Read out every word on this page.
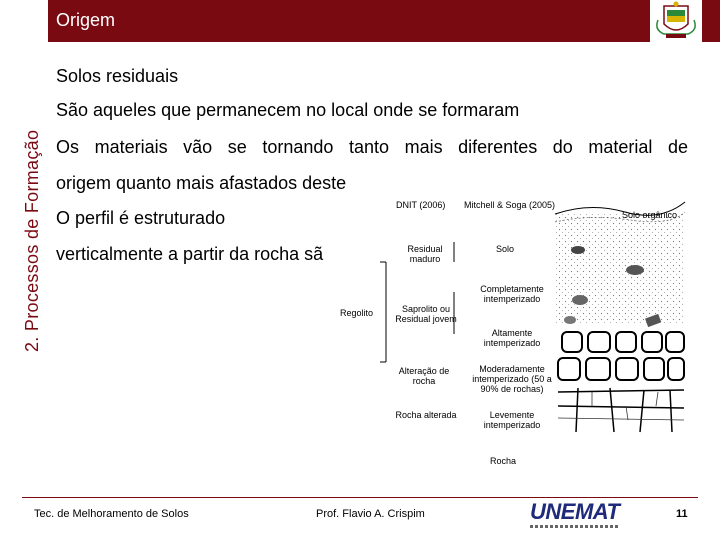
Origem
2. Processos de Formação
Solos residuais
São aqueles que permanecem no local onde se formaram
Os materiais vão se tornando tanto mais diferentes do material de
origem quanto mais afastados deste
O perfil é estruturado
verticalmente a partir da rocha sã
DNIT (2006) Mitchell & Soga (2005)
Solo orgânico
Residual maduro
Regolito	Saprolito ou Residual jovem
Alteração de rocha
Rocha alterada
Solo
Completamente intemperizado
Altamente intemperizado
Moderadamente intemperizado (50 a 90% de rochas)
Levemente intemperizado
Rocha
Tec. de Melhoramento de Solos	Prof. Flavio A. Crispim	UNEMAT	11
